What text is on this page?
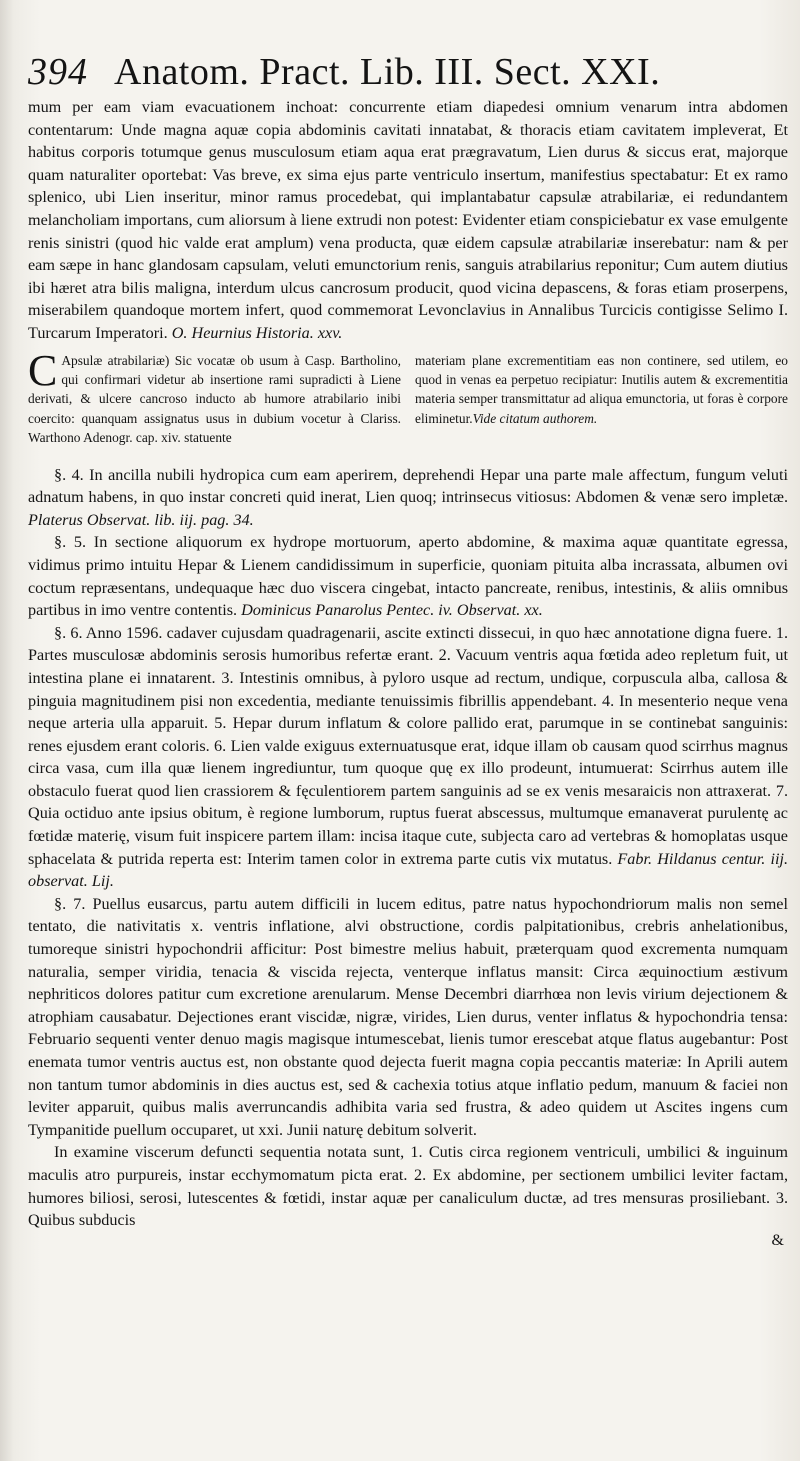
394 Anatom. Pract. Lib. III. Sect. XXI.

mum per eam viam evacuationem inchoat: concurrente etiam diapedesi omnium venarum intra abdomen contentarum: Unde magna aquæ copia abdominis cavitati innatabat, & thoracis etiam cavitatem impleverat, Et habitus corporis totumque genus musculosum etiam aqua erat prægravatum, Lien durus & siccus erat, majorque quam naturaliter oportebat: Vas breve, ex sima ejus parte ventriculo insertum, manifestius spectabatur: Et ex ramo splenico, ubi Lien inseritur, minor ramus procedebat, qui implantabatur capsulæ atrabilariæ, ei redundantem melancholiam importans, cum aliorsum à liene extrudi non potest: Evidenter etiam conspiciebatur ex vase emulgente renis sinistri (quod hic valde erat amplum) vena producta, quæ eidem capsulæ atrabilariæ inserebatur: nam & per eam sæpe in hanc glandosam capsulam, veluti emunctorium renis, sanguis atrabilarius reponitur; Cum autem diutius ibi hæret atra bilis maligna, interdum ulcus cancrosum producit, quod vicina depascens, & foras etiam proserpens, miserabilem quandoque mortem infert, quod commemorat Levonclavius in Annalibus Turcicis contigisse Selimo I. Turcarum Imperatori. O. Heurnius Historia. xxv.

C Apsulæ atrabilariæ) Sic vocatæ ob usum à Casp. Bartholino, qui confirmari videtur ab insertione rami supradicti à Liene derivati, & ulcere cancroso inducto ab humore atrabilario inibi coercito: quanquam assignatus usus in dubium vocetur à Clariss. Warthono Adenogr. cap. xiv. statuente
materiam plane excrementitiam eas non continere, sed utilem, eo quod in venas ea perpetuo recipiatur: Inutilis autem & excrementitia materia semper transmittatur ad aliqua emunctoria, ut foras è corpore eliminetur.Vide citatum authorem.

§. 4. In ancilla nubili hydropica cum eam aperirem, deprehendi Hepar una parte male affectum, fungum veluti adnatum habens, in quo instar concreti quid inerat, Lien quoq; intrinsecus vitiosus: Abdomen & venæ sero impletæ. Platerus Observat. lib. iij. pag. 34.

§. 5. In sectione aliquorum ex hydrope mortuorum, aperto abdomine, & maxima aquæ quantitate egressa, vidimus primo intuitu Hepar & Lienem candidissimum in superficie, quoniam pituita alba incrassata, albumen ovi coctum repræsentans, undequaque hæc duo viscera cingebat, intacto pancreate, renibus, intestinis, & aliis omnibus partibus in imo ventre contentis. Dominicus Panarolus Pentec. iv. Observat. xx.

§. 6. Anno 1596. cadaver cujusdam quadragenarii, ascite extincti dissecui, in quo hæc annotatione digna fuere. 1. Partes musculosæ abdominis serosis humoribus refertæ erant. 2. Vacuum ventris aqua fœtida adeo repletum fuit, ut intestina plane ei innatarent. 3. Intestinis omnibus, à pyloro usque ad rectum, undique, corpuscula alba, callosa & pinguia magnitudinem pisi non excedentia, mediante tenuissimis fibrillis appendebant. 4. In mesenterio neque vena neque arteria ulla apparuit. 5. Hepar durum inflatum & colore pallido erat, parumque in se continebat sanguinis: renes ejusdem erant coloris. 6. Lien valde exiguus externuatusque erat, idque illam ob causam quod scirrhus magnus circa vasa, cum illa quæ lienem ingrediuntur, tum quoque quę ex illo prodeunt, intumuerat: Scirrhus autem ille obstaculo fuerat quod lien crassiorem & fęculentiorem partem sanguinis ad se ex venis mesaraicis non attraxerat. 7. Quia octiduo ante ipsius obitum, è regione lumborum, ruptus fuerat abscessus, multumque emanaverat purulentę ac fœtidæ materię, visum fuit inspicere partem illam: incisa itaque cute, subjecta caro ad vertebras & homoplatas usque sphacelata & putrida reperta est: Interim tamen color in extrema parte cutis vix mutatus. Fabr. Hildanus centur. iij. observat. Lij.

§. 7. Puellus eusarcus, partu autem difficili in lucem editus, patre natus hypochondriorum malis non semel tentato, die nativitatis x. ventris inflatione, alvi obstructione, cordis palpitationibus, crebris anhelationibus, tumoreque sinistri hypochondrii afficitur: Post bimestre melius habuit, præterquam quod excrementa numquam naturalia, semper viridia, tenacia & viscida rejecta, venterque inflatus mansit: Circa æquinoctium æstivum nephriticos dolores patitur cum excretione arenularum. Mense Decembri diarrhœa non levis virium dejectionem & atrophiam causabatur. Dejectiones erant viscidæ, nigræ, virides, Lien durus, venter inflatus & hypochondria tensa: Februario sequenti venter denuo magis magisque intumescebat, lienis tumor erescebat atque flatus augebantur: Post enemata tumor ventris auctus est, non obstante quod dejecta fuerit magna copia peccantis materiæ: In Aprili autem non tantum tumor abdominis in dies auctus est, sed & cachexia totius atque inflatio pedum, manuum & faciei non leviter apparuit, quibus malis averruncandis adhibita varia sed frustra, & adeo quidem ut Ascites ingens cum Tympanitide puellum occuparet, ut xxi. Junii naturę debitum solverit.

In examine viscerum defuncti sequentia notata sunt, 1. Cutis circa regionem ventriculi, umbilici & inguinum maculis atro purpureis, instar ecchymomatum picta erat. 2. Ex abdomine, per sectionem umbilici leviter factam, humores biliosi, serosi, lutescentes & fœtidi, instar aquæ per canaliculum ductæ, ad tres mensuras prosiliebant. 3. Quibus subducis

&
